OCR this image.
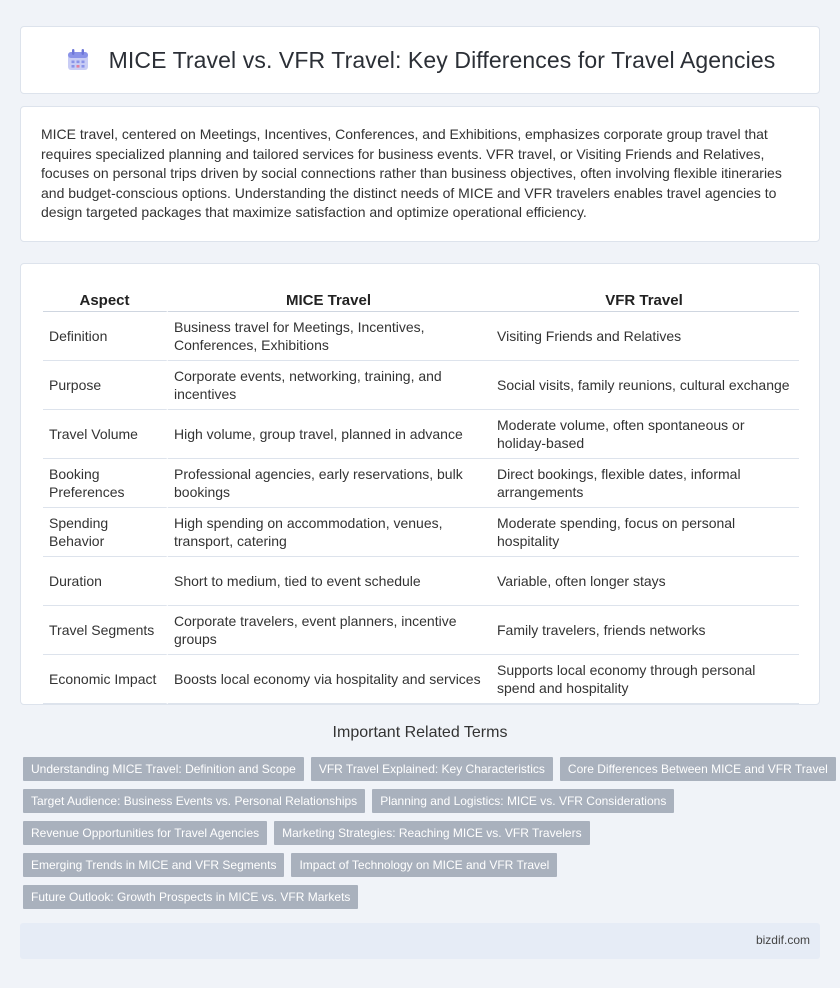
MICE Travel vs. VFR Travel: Key Differences for Travel Agencies

MICE travel, centered on Meetings, Incentives, Conferences, and Exhibitions, emphasizes corporate group travel that requires specialized planning and tailored services for business events. VFR travel, or Visiting Friends and Relatives, focuses on personal trips driven by social connections rather than business objectives, often involving flexible itineraries and budget-conscious options. Understanding the distinct needs of MICE and VFR travelers enables travel agencies to design targeted packages that maximize satisfaction and optimize operational efficiency.

Aspect	MICE Travel	VFR Travel
Definition	Business travel for Meetings, Incentives, Conferences, Exhibitions	Visiting Friends and Relatives
Purpose	Corporate events, networking, training, and incentives	Social visits, family reunions, cultural exchange
Travel Volume	High volume, group travel, planned in advance	Moderate volume, often spontaneous or holiday-based
Booking Preferences	Professional agencies, early reservations, bulk bookings	Direct bookings, flexible dates, informal arrangements
Spending Behavior	High spending on accommodation, venues, transport, catering	Moderate spending, focus on personal hospitality
Duration	Short to medium, tied to event schedule	Variable, often longer stays
Travel Segments	Corporate travelers, event planners, incentive groups	Family travelers, friends networks
Economic Impact	Boosts local economy via hospitality and services	Supports local economy through personal spend and hospitality
Important Related Terms
Understanding MICE Travel: Definition and Scope	VFR Travel Explained: Key Characteristics	Core Differences Between MICE and VFR Travel
Target Audience: Business Events vs. Personal Relationships	Planning and Logistics: MICE vs. VFR Considerations
Revenue Opportunities for Travel Agencies	Marketing Strategies: Reaching MICE vs. VFR Travelers
Emerging Trends in MICE and VFR Segments	Impact of Technology on MICE and VFR Travel
Future Outlook: Growth Prospects in MICE vs. VFR Markets
bizdif.com
